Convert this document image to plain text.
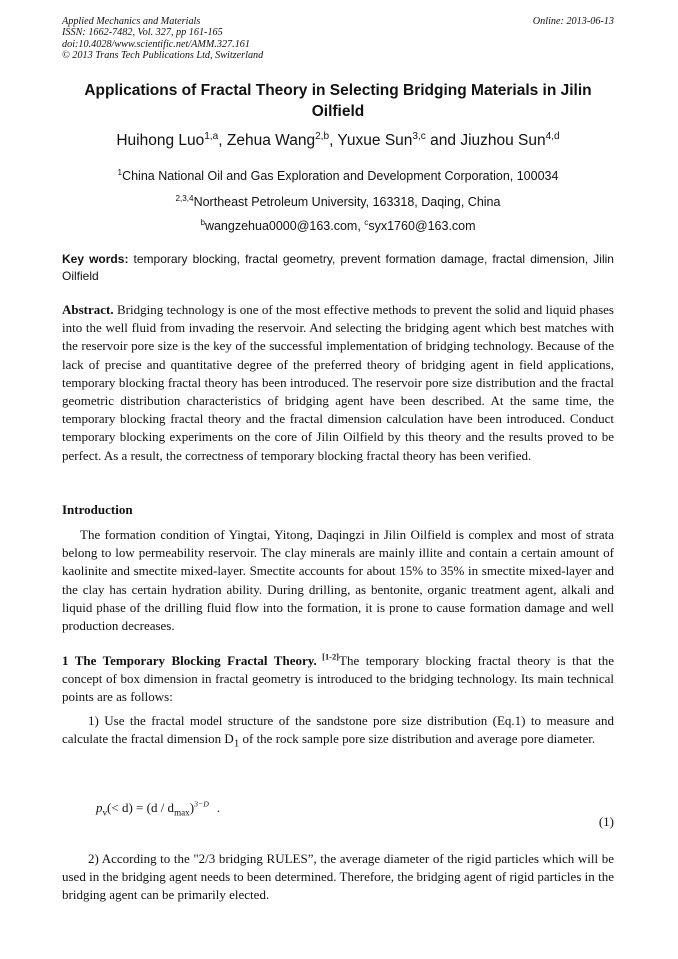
Applied Mechanics and Materials
ISSN: 1662-7482, Vol. 327, pp 161-165
doi:10.4028/www.scientific.net/AMM.327.161
© 2013 Trans Tech Publications Ltd, Switzerland
Online: 2013-06-13
Applications of Fractal Theory in Selecting Bridging Materials in Jilin Oilfield
Huihong Luo$^{1,a}$, Zehua Wang$^{2,b}$, Yuxue Sun$^{3,c}$ and Jiuzhou Sun$^{4,d}$
$^1$China National Oil and Gas Exploration and Development Corporation, 100034
$^{2,3,4}$Northeast Petroleum University, 163318, Daqing, China
$^b$wangzehua0000@163.com, $^c$syx1760@163.com
Key words: temporary blocking, fractal geometry, prevent formation damage, fractal dimension, Jilin Oilfield
Abstract. Bridging technology is one of the most effective methods to prevent the solid and liquid phases into the well fluid from invading the reservoir. And selecting the bridging agent which best matches with the reservoir pore size is the key of the successful implementation of bridging technology. Because of the lack of precise and quantitative degree of the preferred theory of bridging agent in field applications, temporary blocking fractal theory has been introduced. The reservoir pore size distribution and the fractal geometric distribution characteristics of bridging agent have been described. At the same time, the temporary blocking fractal theory and the fractal dimension calculation have been introduced. Conduct temporary blocking experiments on the core of Jilin Oilfield by this theory and the results proved to be perfect. As a result, the correctness of temporary blocking fractal theory has been verified.
Introduction
The formation condition of Yingtai, Yitong, Daqingzi in Jilin Oilfield is complex and most of strata belong to low permeability reservoir. The clay minerals are mainly illite and contain a certain amount of kaolinite and smectite mixed-layer. Smectite accounts for about 15% to 35% in smectite mixed-layer and the clay has certain hydration ability. During drilling, as bentonite, organic treatment agent, alkali and liquid phase of the drilling fluid flow into the formation, it is prone to cause formation damage and well production decreases.
1 The Temporary Blocking Fractal Theory. [1-2]The temporary blocking fractal theory is that the concept of box dimension in fractal geometry is introduced to the bridging technology. Its main technical points are as follows:
1) Use the fractal model structure of the sandstone pore size distribution (Eq.1) to measure and calculate the fractal dimension $D_1$ of the rock sample pore size distribution and average pore diameter.
$p_v(< d) = (d / d_{max})^{3-D}$ .
(1)
2) According to the "2/3 bridging RULES”, the average diameter of the rigid particles which will be used in the bridging agent needs to been determined. Therefore, the bridging agent of rigid particles in the bridging agent can be primarily elected.
